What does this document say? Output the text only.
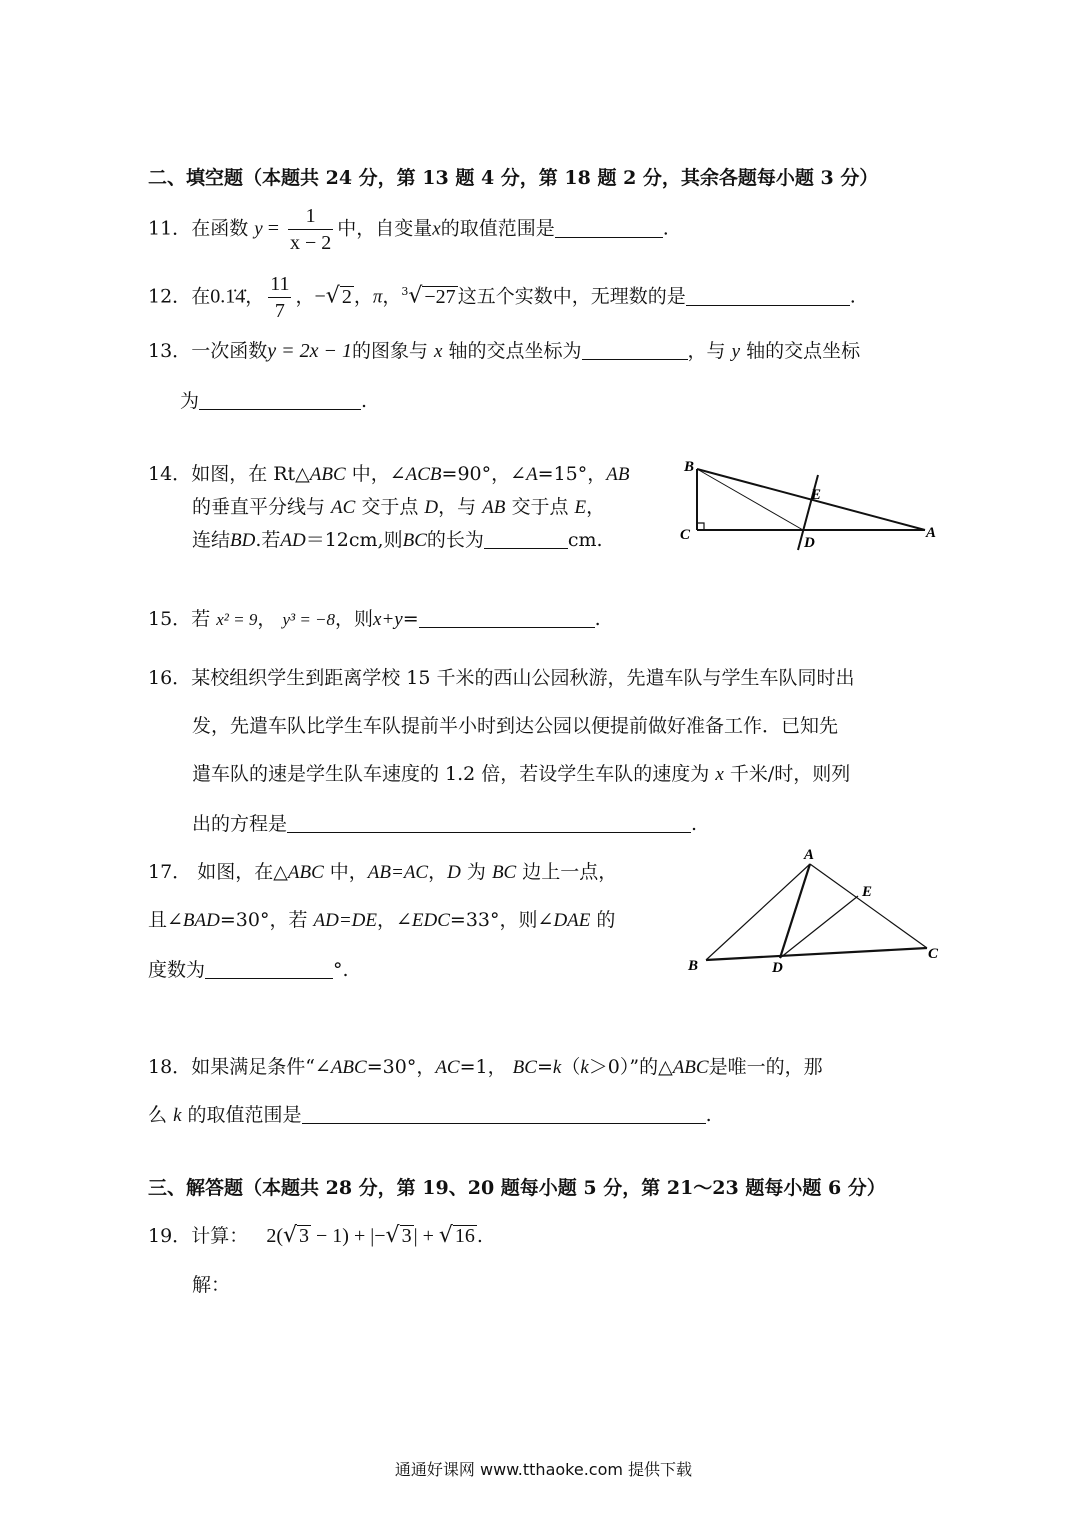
二、填空题（本题共 24 分，第 13 题 4 分，第 18 题 2 分，其余各题每小题 3 分）
11．在函数 $y = \frac{1}{x - 2}$ 中，自变量x的取值范围是	.
12．在0.1̇4̇， $\frac{11}{7}$ ，−√ 2 ，π，$^3$√ −27 这五个实数中，无理数的是	.
13．一次函数y = 2x − 1的图象与 x 轴的交点坐标为	，与 y 轴的交点坐标
为	.
14．如图，在 Rt△ABC 中，∠ACB=90°，∠A=15°，AB
的垂直平分线与 AC 交于点 D，与 AB 交于点 E，
连结BD.若AD＝12cm,则BC的长为	cm.
B
C	D
E
A
15．若 x² = 9， y³ = −8，则x+y=	.
16．某校组织学生到距离学校 15 千米的西山公园秋游，先遣车队与学生车队同时出
发，先遣车队比学生车队提前半小时到达公园以便提前做好准备工作．已知先
遣车队的速是学生队车速度的 1.2 倍，若设学生车队的速度为 x 千米/时，则列
出的方程是	.
17． 如图，在△ABC 中，AB=AC，D 为 BC 边上一点，
且∠BAD=30°，若 AD=DE，∠EDC=33°，则∠DAE 的
度数为	°.
A
E
B	D
C
18．如果满足条件“∠ABC=30°，AC=1， BC=k（k＞0）”的△ABC是唯一的，那
么 k 的取值范围是	.
三、解答题（本题共 28 分，第 19、20 题每小题 5 分，第 21～23 题每小题 6 分）
19．计算： 2(√ 3 − 1) + |−√ 3 | + √ 16 .
解：
通通好课网 www.tthaoke.com 提供下载
